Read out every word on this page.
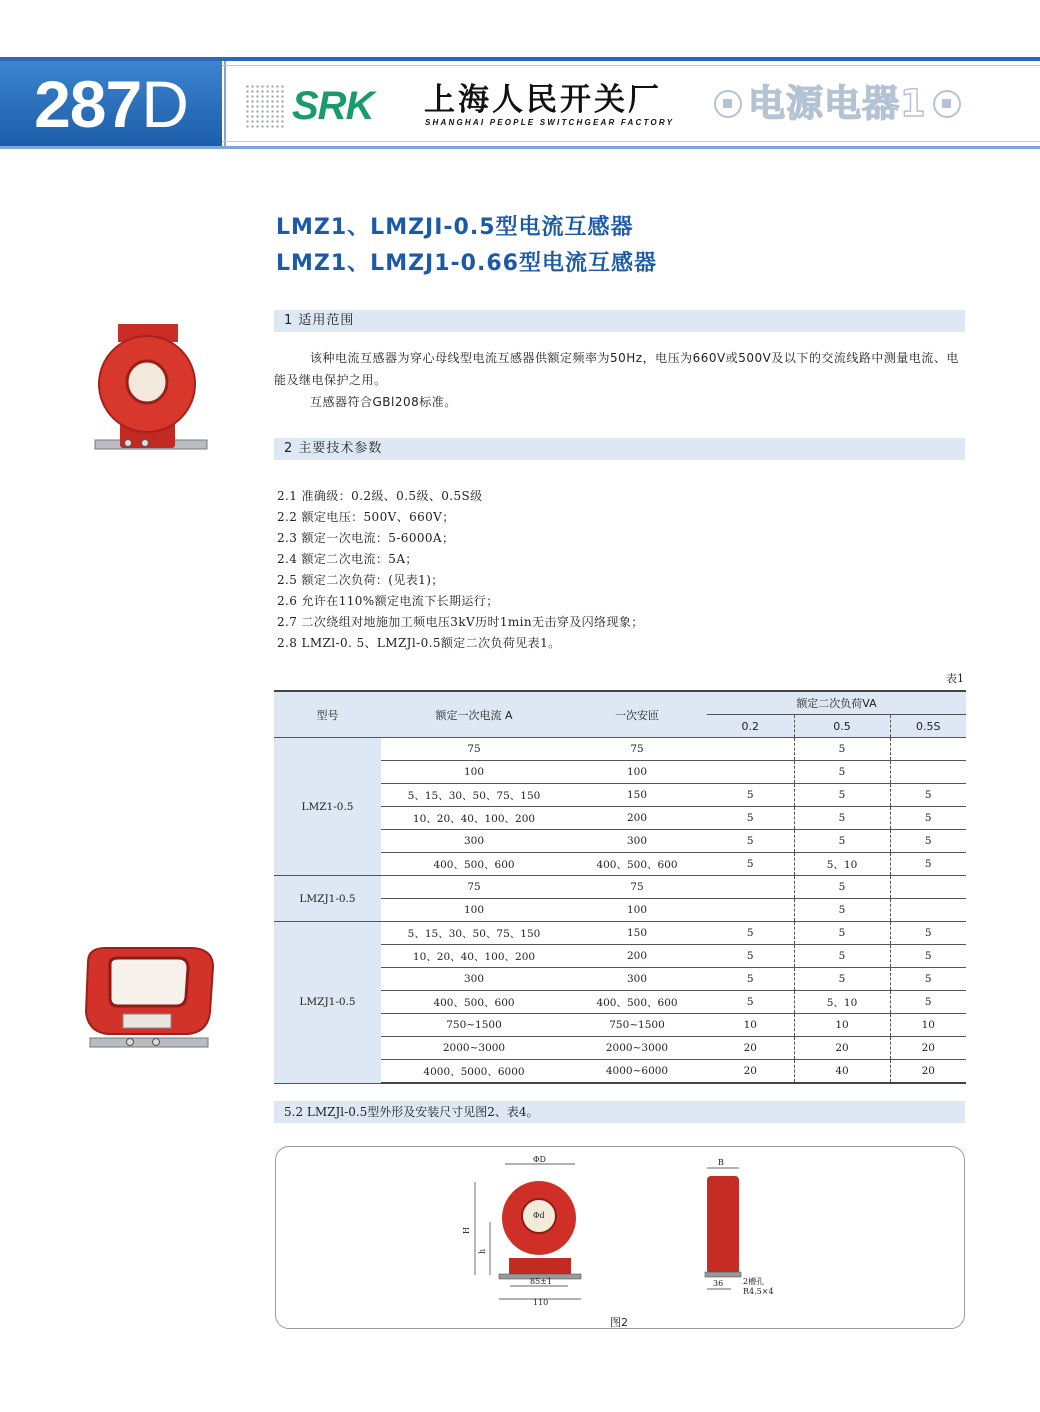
287D	SRK 上海人民开关厂
SHANGHAI PEOPLE SWITCHGEAR FACTORY 电源电器1
LMZ1、LMZJI-0.5型电流互感器
LMZ1、LMZJ1-0.66型电流互感器
1 适用范围
该种电流互感器为穿心母线型电流互感器供额定频率为50Hz，电压为660V或500V及以下的交流线路中测量电流、电能及继电保护之用。
互感器符合GBl208标准。
2 主要技术参数
2.1 准确级：0.2级、0.5级、0.5S级
2.2 额定电压：500V、660V；
2.3 额定一次电流：5-6000A；
2.4 额定二次电流：5A；
2.5 额定二次负荷：(见表1)；
2.6 允许在110%额定电流下长期运行；
2.7 二次绕组对地施加工频电压3kV历时1min无击穿及闪络现象；
2.8 LMZl-0. 5、LMZJl-0.5额定二次负荷见表1。
表1
型号	额定一次电流 A	一次安匝	额定二次负荷VA		
			0.2	0.5	0.5S
LMZ1-0.5	75	75		5	
	100	100		5	
	5、15、30、50、75、150	150	5	5	5
	10、20、40、100、200	200	5	5	5
	300	300	5	5	5
	400、500、600	400、500、600	5	5、10	5
LMZJ1-0.5	75	75		5	
	100	100		5	
LMZJ1-0.5	5、15、30、50、75、150	150	5	5	5
	10、20、40、100、200	200	5	5	5
	300	300	5	5	5
	400、500、600	400、500、600	5	5、10	5
	750~1500	750~1500	10	10	10
	2000~3000	2000~3000	20	20	20
	4000、5000、6000	4000~6000	20	40	20
5.2 LMZJl-0.5型外形及安装尺寸见图2、表4。
ΦD
H
h
Φd
85±1
110
B
36 2槽孔
R4.5×4
图2
